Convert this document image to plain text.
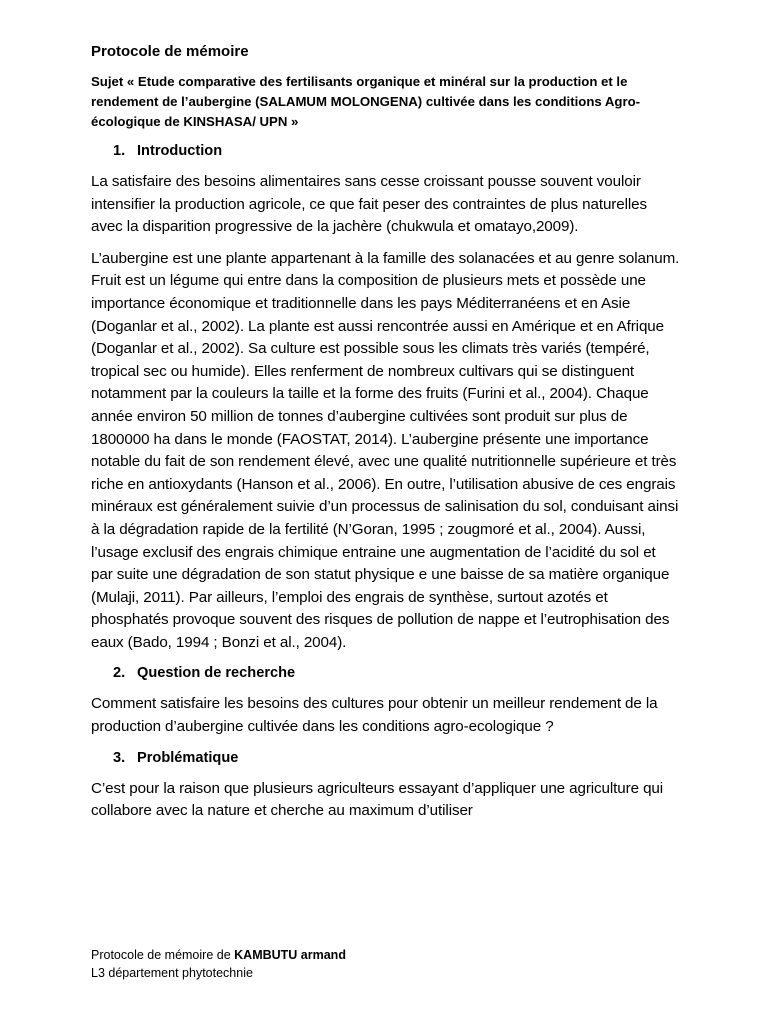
Protocole de mémoire
Sujet « Etude comparative des fertilisants organique et minéral sur la production et le rendement de l’aubergine (SALAMUM MOLONGENA) cultivée dans les conditions Agro-écologique de KINSHASA/ UPN »
1. Introduction

La satisfaire des besoins alimentaires sans cesse croissant pousse souvent vouloir intensifier la production agricole, ce que fait peser des contraintes de plus naturelles avec la disparition progressive de la jachère (chukwula et omatayo,2009).

L’aubergine est une plante appartenant à la famille des solanacées et au genre solanum. Fruit est un légume qui entre dans la composition de plusieurs mets et possède une importance économique et traditionnelle dans les pays Méditerranéens et en Asie (Doganlar et al., 2002). La plante est aussi rencontrée aussi en Amérique et en Afrique (Doganlar et al., 2002). Sa culture est possible sous les climats très variés (tempéré, tropical sec ou humide). Elles renferment de nombreux cultivars qui se distinguent notamment par la couleurs la taille et la forme des fruits (Furini et al., 2004). Chaque année environ 50 million de tonnes d’aubergine cultivées sont produit sur plus de 1800000 ha dans le monde (FAOSTAT, 2014). L’aubergine présente une importance notable du fait de son rendement élevé, avec une qualité nutritionnelle supérieure et très riche en antioxydants (Hanson et al., 2006). En outre, l’utilisation abusive de ces engrais minéraux est généralement suivie d’un processus de salinisation du sol, conduisant ainsi à la dégradation rapide de la fertilité (N’Goran, 1995 ; zougmoré et al., 2004). Aussi, l’usage exclusif des engrais chimique entraine une augmentation de l’acidité du sol et par suite une dégradation de son statut physique e une baisse de sa matière organique (Mulaji, 2011). Par ailleurs, l’emploi des engrais de synthèse, surtout azotés et phosphatés provoque souvent des risques de pollution de nappe et l’eutrophisation des eaux (Bado, 1994 ; Bonzi et al., 2004).

2. Question de recherche

Comment satisfaire les besoins des cultures pour obtenir un meilleur rendement de la production d’aubergine cultivée dans les conditions agro-ecologique ?

3. Problématique

C’est pour la raison que plusieurs agriculteurs essayant d’appliquer une agriculture qui collabore avec la nature et cherche au maximum d’utiliser

Protocole de mémoire de KAMBUTU armand
L3 département phytotechnie
